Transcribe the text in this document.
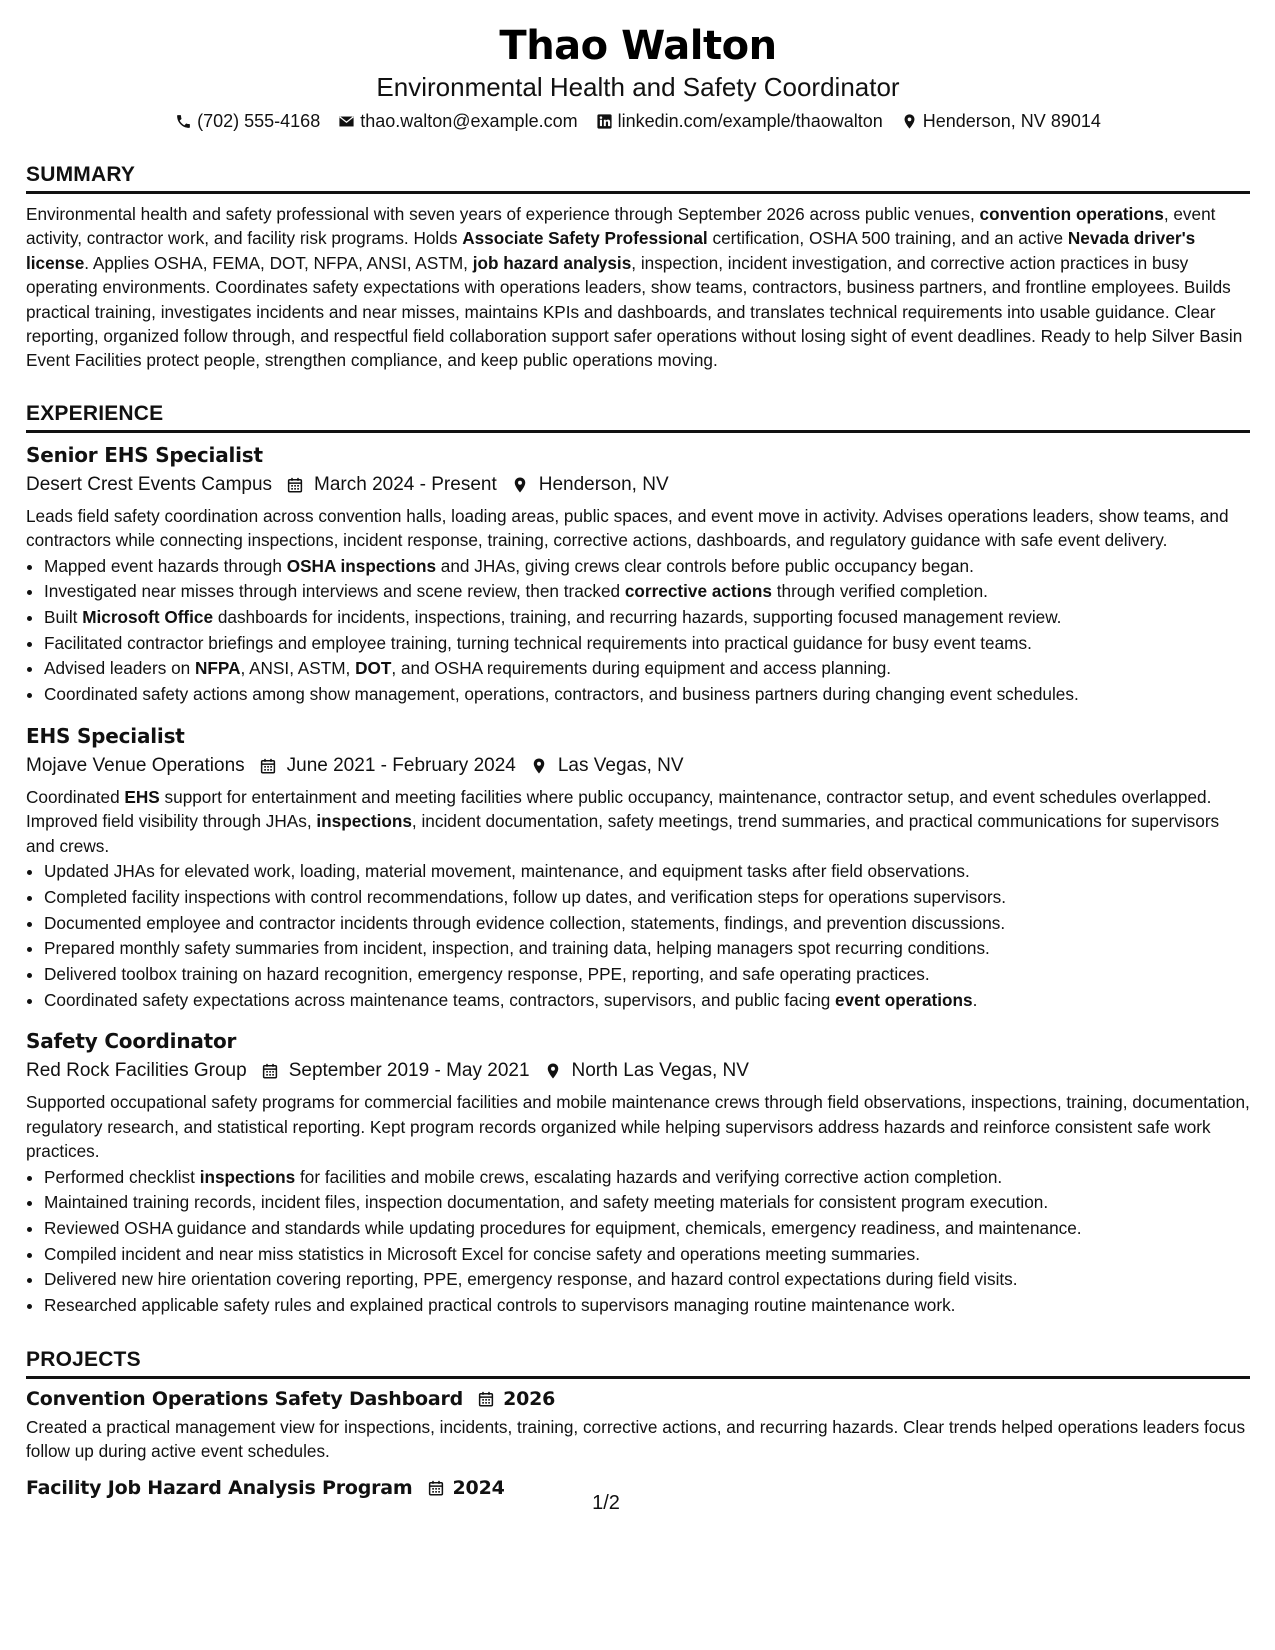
Thao Walton
Environmental Health and Safety Coordinator
(702) 555-4168 thao.walton@example.com linkedin.com/example/thaowalton Henderson, NV 89014
SUMMARY
Environmental health and safety professional with seven years of experience through September 2026 across public venues, convention operations, event activity, contractor work, and facility risk programs. Holds Associate Safety Professional certification, OSHA 500 training, and an active Nevada driver's license. Applies OSHA, FEMA, DOT, NFPA, ANSI, ASTM, job hazard analysis, inspection, incident investigation, and corrective action practices in busy operating environments. Coordinates safety expectations with operations leaders, show teams, contractors, business partners, and frontline employees. Builds practical training, investigates incidents and near misses, maintains KPIs and dashboards, and translates technical requirements into usable guidance. Clear reporting, organized follow through, and respectful field collaboration support safer operations without losing sight of event deadlines. Ready to help Silver Basin Event Facilities protect people, strengthen compliance, and keep public operations moving.
EXPERIENCE
Senior EHS Specialist
Desert Crest Events Campus March 2024 - Present Henderson, NV
Leads field safety coordination across convention halls, loading areas, public spaces, and event move in activity. Advises operations leaders, show teams, and contractors while connecting inspections, incident response, training, corrective actions, dashboards, and regulatory guidance with safe event delivery.
• Mapped event hazards through OSHA inspections and JHAs, giving crews clear controls before public occupancy began.
• Investigated near misses through interviews and scene review, then tracked corrective actions through verified completion.
• Built Microsoft Office dashboards for incidents, inspections, training, and recurring hazards, supporting focused management review.
• Facilitated contractor briefings and employee training, turning technical requirements into practical guidance for busy event teams.
• Advised leaders on NFPA, ANSI, ASTM, DOT, and OSHA requirements during equipment and access planning.
• Coordinated safety actions among show management, operations, contractors, and business partners during changing event schedules.
EHS Specialist
Mojave Venue Operations June 2021 - February 2024 Las Vegas, NV
Coordinated EHS support for entertainment and meeting facilities where public occupancy, maintenance, contractor setup, and event schedules overlapped. Improved field visibility through JHAs, inspections, incident documentation, safety meetings, trend summaries, and practical communications for supervisors and crews.
• Updated JHAs for elevated work, loading, material movement, maintenance, and equipment tasks after field observations.
• Completed facility inspections with control recommendations, follow up dates, and verification steps for operations supervisors.
• Documented employee and contractor incidents through evidence collection, statements, findings, and prevention discussions.
• Prepared monthly safety summaries from incident, inspection, and training data, helping managers spot recurring conditions.
• Delivered toolbox training on hazard recognition, emergency response, PPE, reporting, and safe operating practices.
• Coordinated safety expectations across maintenance teams, contractors, supervisors, and public facing event operations.
Safety Coordinator
Red Rock Facilities Group September 2019 - May 2021 North Las Vegas, NV
Supported occupational safety programs for commercial facilities and mobile maintenance crews through field observations, inspections, training, documentation, regulatory research, and statistical reporting. Kept program records organized while helping supervisors address hazards and reinforce consistent safe work practices.
• Performed checklist inspections for facilities and mobile crews, escalating hazards and verifying corrective action completion.
• Maintained training records, incident files, inspection documentation, and safety meeting materials for consistent program execution.
• Reviewed OSHA guidance and standards while updating procedures for equipment, chemicals, emergency readiness, and maintenance.
• Compiled incident and near miss statistics in Microsoft Excel for concise safety and operations meeting summaries.
• Delivered new hire orientation covering reporting, PPE, emergency response, and hazard control expectations during field visits.
• Researched applicable safety rules and explained practical controls to supervisors managing routine maintenance work.
PROJECTS
Convention Operations Safety Dashboard 2026
Created a practical management view for inspections, incidents, training, corrective actions, and recurring hazards. Clear trends helped operations leaders focus follow up during active event schedules.
Facility Job Hazard Analysis Program 2024
1/2
